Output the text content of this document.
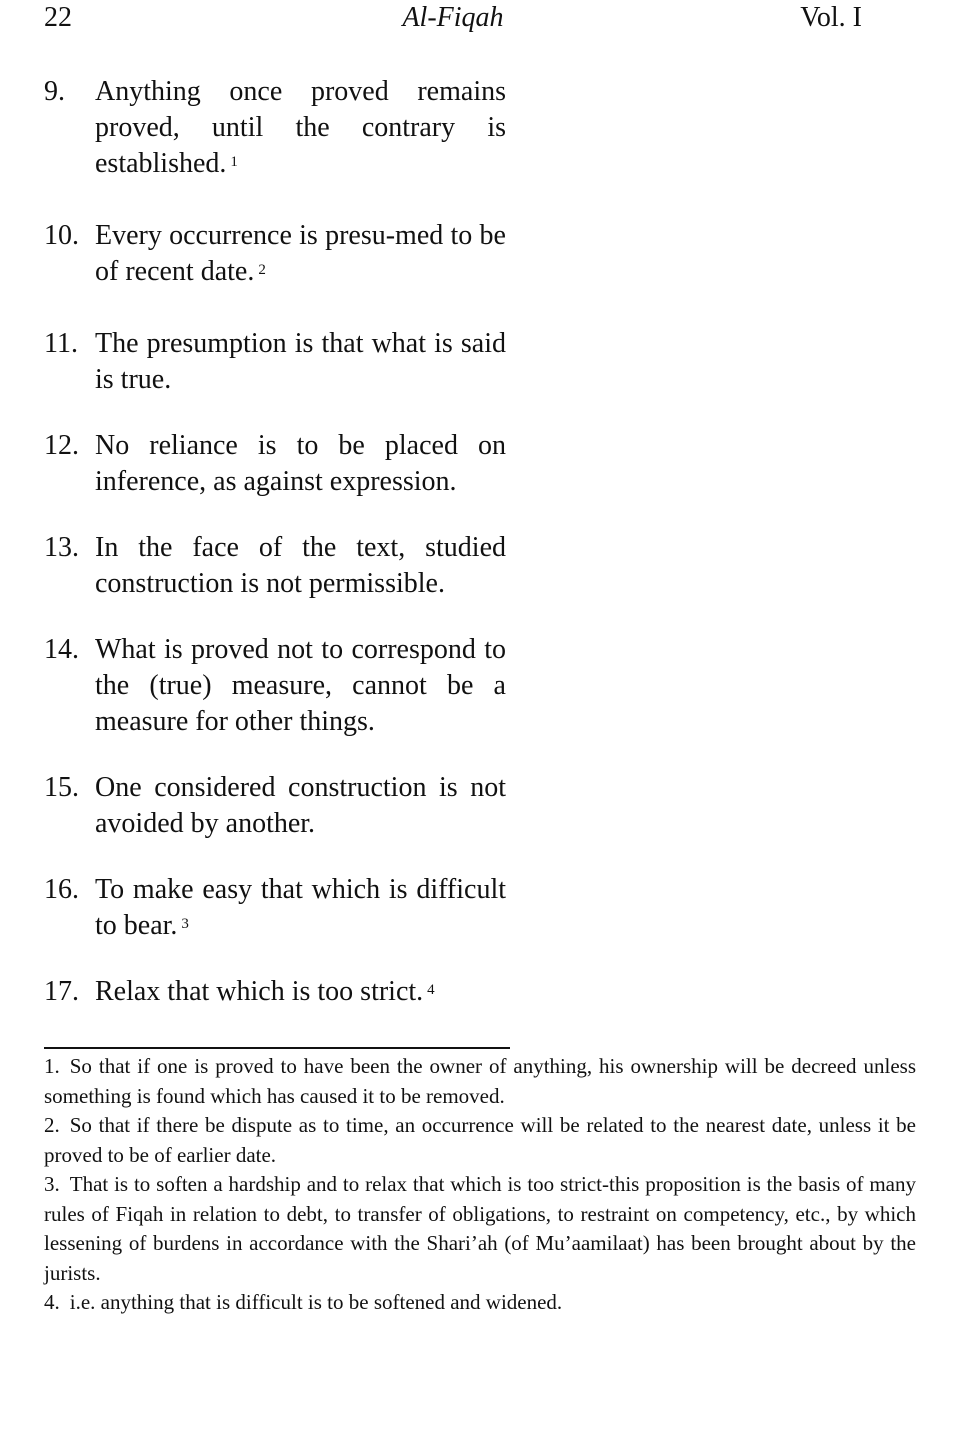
22	Al-Fiqah	Vol. I
9.	Anything once proved remains proved, until the contrary is established. $^1$
10. Every occurrence is presu-med to be of recent date. $^2$
11. The presumption is that what is said is true.
12. No reliance is to be placed on inference, as against expression.
13. In the face of the text, studied construction is not permissible.
14. What is proved not to correspond to the (true) measure, cannot be a measure for other things.
15. One considered construction is not avoided by another.
16. To make easy that which is difficult to bear. $^3$
17. Relax that which is too strict. $^4$
1. So that if one is proved to have been the owner of anything, his ownership will be decreed unless something is found which has caused it to be removed.
2. So that if there be dispute as to time, an occurrence will be related to the nearest date, unless it be proved to be of earlier date.
3. That is to soften a hardship and to relax that which is too strict-this proposition is the basis of many rules of Fiqah in relation to debt, to transfer of obligations, to restraint on competency, etc., by which lessening of burdens in accordance with the Shari’ah (of Mu’aamilaat) has been brought about by the jurists.
4. i.e. anything that is difficult is to be softened and widened.
